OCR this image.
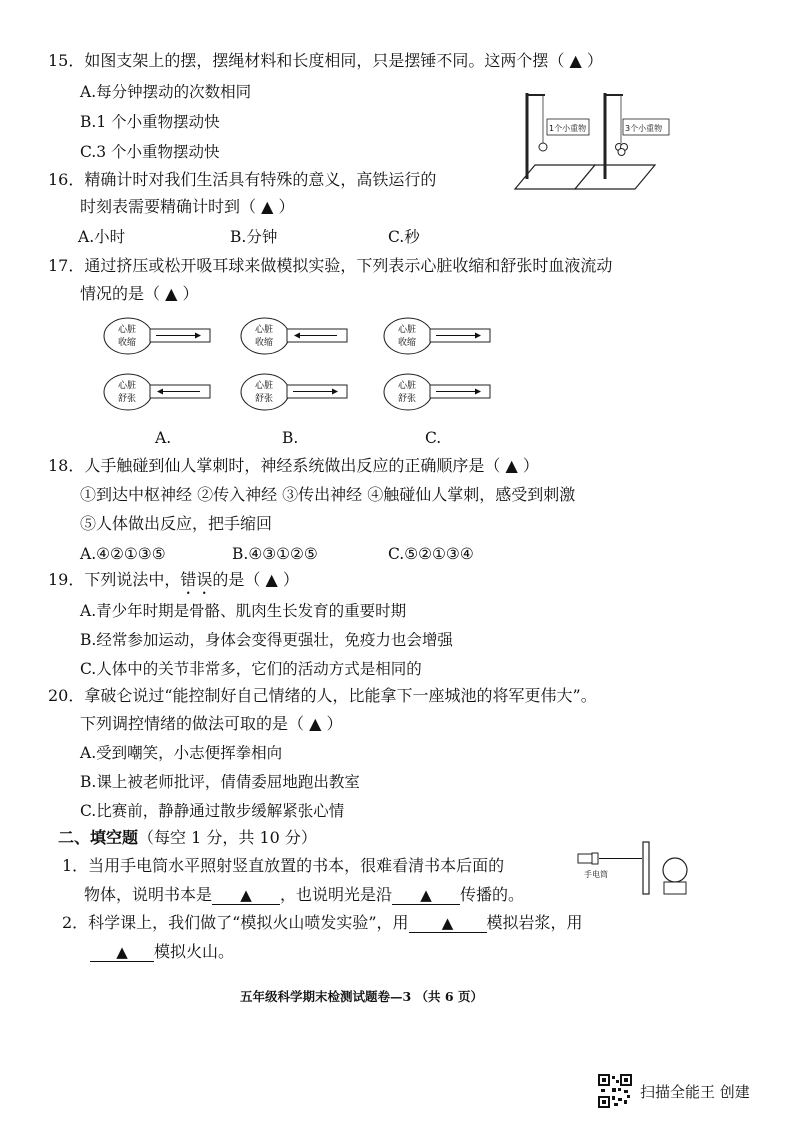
15．如图支架上的摆，摆绳材料和长度相同，只是摆锤不同。这两个摆（ ▲ ）
A.每分钟摆动的次数相同
B.1 个小重物摆动快
C.3 个小重物摆动快
1个小重物	3个小重物
16．精确计时对我们生活具有特殊的意义，高铁运行的
时刻表需要精确计时到（ ▲ ）
A.小时	B.分钟	C.秒
17．通过挤压或松开吸耳球来做模拟实验，下列表示心脏收缩和舒张时血液流动
情况的是（ ▲ ）
心脏
收缩
心脏
舒张
心脏
收缩
心脏
舒张
心脏
收缩
心脏
舒张
A.	B.	C.
18．人手触碰到仙人掌刺时，神经系统做出反应的正确顺序是（ ▲ ）
①到达中枢神经 ②传入神经 ③传出神经 ④触碰仙人掌刺，感受到刺激
⑤人体做出反应，把手缩回
A.④②①③⑤	B.④③①②⑤	C.⑤②①③④
19．下列说法中，错误的是（ ▲ ）
A.青少年时期是骨骼、肌肉生长发育的重要时期
B.经常参加运动，身体会变得更强壮，免疫力也会增强
C.人体中的关节非常多，它们的活动方式是相同的
20．拿破仑说过“能控制好自己情绪的人，比能拿下一座城池的将军更伟大”。
下列调控情绪的做法可取的是（ ▲ ）
A.受到嘲笑，小志便挥拳相向
B.课上被老师批评，倩倩委屈地跑出教室
C.比赛前，静静通过散步缓解紧张心情
二、填空题（每空 1 分，共 10 分）
1．当用手电筒水平照射竖直放置的书本，很难看清书本后面的
物体，说明书本是 ▲ ，也说明光是沿 ▲ 传播的。
手电筒
2．科学课上，我们做了“模拟火山喷发实验”，用 ▲ 模拟岩浆，用
▲ 模拟火山。
五年级科学期末检测试题卷—3 （共 6 页）
扫描全能王 创建
